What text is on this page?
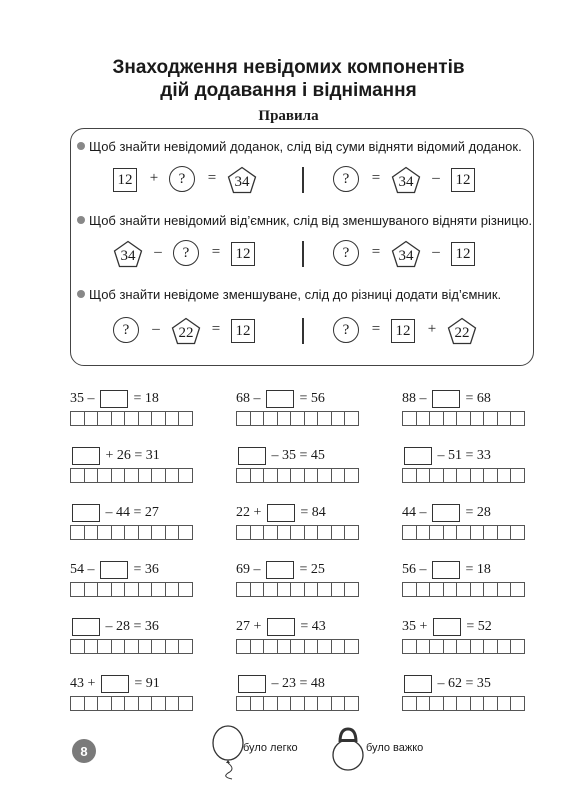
Знаходження невідомих компонентів
дій додавання і віднімання
Правила
Щоб знайти невідомий доданок, слід від суми відняти відомий доданок.
12 + ? = 34	? = 34 – 12
Щоб знайти невідомий від’ємник, слід від зменшуваного відняти різницю.
34 – ? = 12	? = 34 – 12
Щоб знайти невідоме зменшуване, слід до різниці додати від’ємник.
? – 22 = 12	? = 12 + 22
35 –  = 18	68 –  = 56	88 –  = 68
+ 26 = 31	– 35 = 45	– 51 = 33
– 44 = 27	22 +  = 84	44 –  = 28
54 –  = 36	69 –  = 25	56 –  = 18
– 28 = 36	27 +  = 43	35 +  = 52
43 +  = 91	– 23 = 48	– 62 = 35
8	було легко	було важко
